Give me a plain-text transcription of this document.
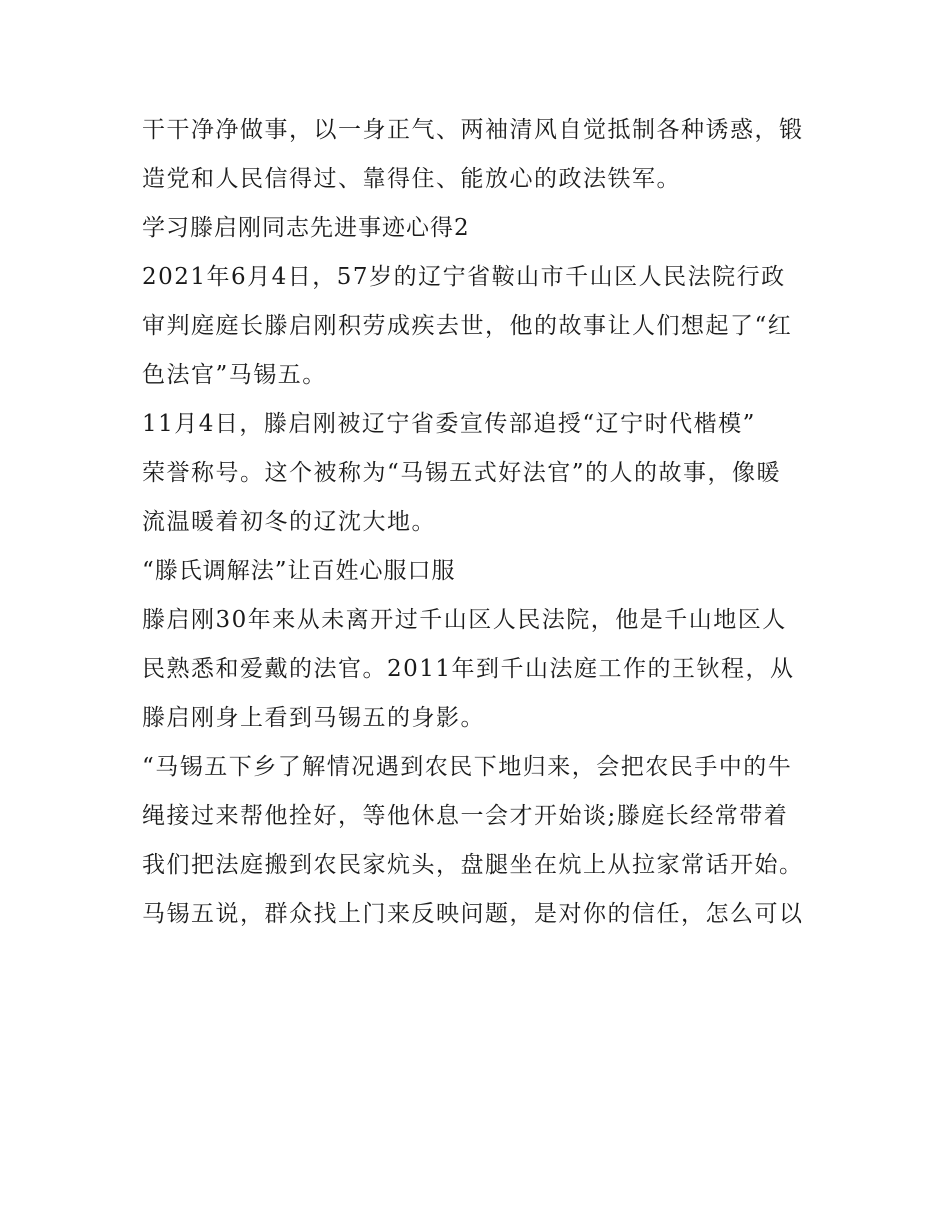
干干净净做事，以一身正气、两袖清风自觉抵制各种诱惑，锻
造党和人民信得过、靠得住、能放心的政法铁军。
学习滕启刚同志先进事迹心得2
2021年6月4日，57岁的辽宁省鞍山市千山区人民法院行政
审判庭庭长滕启刚积劳成疾去世，他的故事让人们想起了“红
色法官”马锡五。
11月4日，滕启刚被辽宁省委宣传部追授“辽宁时代楷模”
荣誉称号。这个被称为“马锡五式好法官”的人的故事，像暖
流温暖着初冬的辽沈大地。
“滕氏调解法”让百姓心服口服
滕启刚30年来从未离开过千山区人民法院，他是千山地区人
民熟悉和爱戴的法官。2011年到千山法庭工作的王钬程，从
滕启刚身上看到马锡五的身影。
“马锡五下乡了解情况遇到农民下地归来，会把农民手中的牛
绳接过来帮他拴好，等他休息一会才开始谈;滕庭长经常带着
我们把法庭搬到农民家炕头，盘腿坐在炕上从拉家常话开始。
马锡五说，群众找上门来反映问题，是对你的信任，怎么可以
